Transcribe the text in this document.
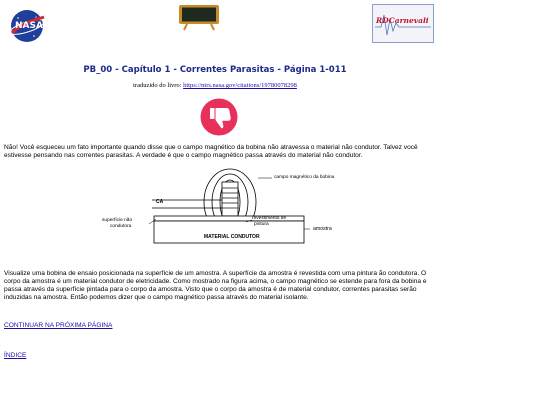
NASA
RDCarnevali
PB_00 - Capítulo 1 - Correntes Parasitas - Página 1-011
traduzido do livro: https://ntrs.nasa.gov/citations/19780078298
Não! Você esqueceu um fato importante quando disse que o campo magnético da bobina não atravessa o material não condutor. Talvez você estivesse pensando nas correntes parasitas. A verdade é que o campo magnético passa através do material não condutor.
campo magnético da bobina
CA
superfície não
condutora
revestimento de
pintura
MATERIAL CONDUTOR
amostra
Visualize uma bobina de ensaio posicionada na superfície de um amostra. A superfície da amostra é revestida com uma pintura ão condutora. O corpo da amostra é um material condutor de eletricidade. Como mostrado na figura acima, o campo magnético se estende para fora da bobina e passa através da superfície pintada para o corpo da amostra. Visto que o corpo da amostra é de material condutor, correntes parasitas serão induzidas na amostra. Então podemos dizer que o campo magnético passa através do material isolante.
CONTINUAR NA PRÓXIMA PÁGINA
ÍNDICE
